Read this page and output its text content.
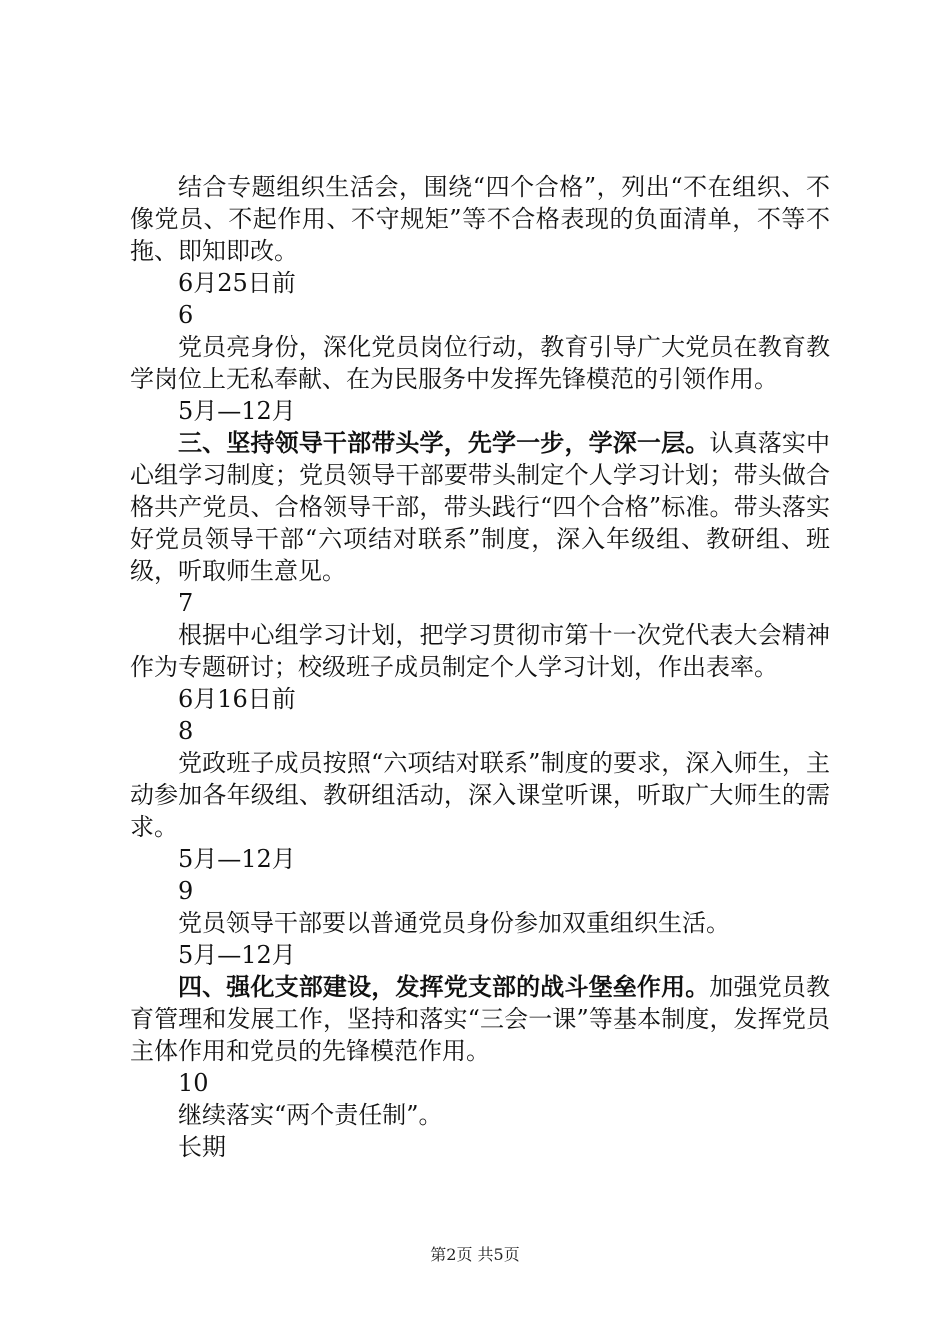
结合专题组织生活会，围绕“四个合格”，列出“不在组织、不像党员、不起作用、不守规矩”等不合格表现的负面清单，不等不拖、即知即改。

6月25日前

6

党员亮身份，深化党员岗位行动，教育引导广大党员在教育教学岗位上无私奉献、在为民服务中发挥先锋模范的引领作用。

5月—12月

三、坚持领导干部带头学，先学一步，学深一层。认真落实中心组学习制度；党员领导干部要带头制定个人学习计划；带头做合格共产党员、合格领导干部，带头践行“四个合格”标准。带头落实好党员领导干部“六项结对联系”制度，深入年级组、教研组、班级，听取师生意见。

7

根据中心组学习计划，把学习贯彻市第十一次党代表大会精神作为专题研讨；校级班子成员制定个人学习计划，作出表率。

6月16日前

8

党政班子成员按照“六项结对联系”制度的要求，深入师生，主动参加各年级组、教研组活动，深入课堂听课，听取广大师生的需求。

5月—12月

9

党员领导干部要以普通党员身份参加双重组织生活。

5月—12月

四、强化支部建设，发挥党支部的战斗堡垒作用。加强党员教育管理和发展工作，坚持和落实“三会一课”等基本制度，发挥党员主体作用和党员的先锋模范作用。

10

继续落实“两个责任制”。

长期

第2页 共5页
